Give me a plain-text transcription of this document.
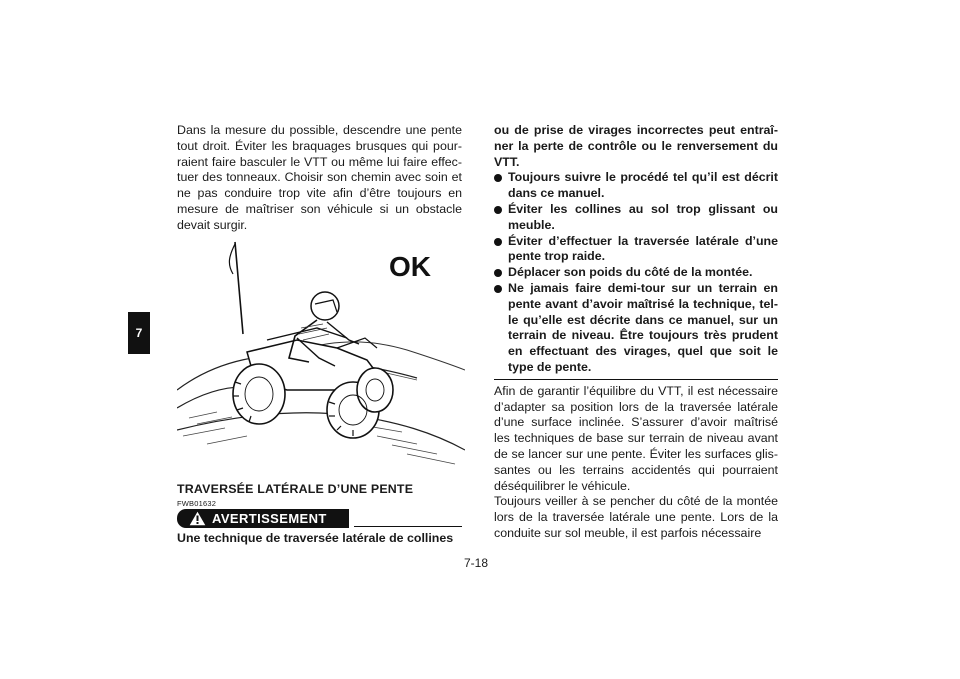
7

Dans la mesure du possible, descendre une pente tout droit. Éviter les braquages brusques qui pour-raient faire basculer le VTT ou même lui faire effec-tuer des tonneaux. Choisir son chemin avec soin et ne pas conduire trop vite afin d’être toujours en mesure de maîtriser son véhicule si un obstacle devait surgir.

OK
TRAVERSÉE LATÉRALE D’UNE PENTE
FWB01632
AVERTISSEMENT
Une technique de traversée latérale de collines

ou de prise de virages incorrectes peut entraî-ner la perte de contrôle ou le renversement du VTT.

Toujours suivre le procédé tel qu’il est décrit dans ce manuel.
Éviter les collines au sol trop glissant ou meuble.
Éviter d’effectuer la traversée latérale d’une pente trop raide.
Déplacer son poids du côté de la montée.
Ne jamais faire demi-tour sur un terrain en pente avant d’avoir maîtrisé la technique, tel-le qu’elle est décrite dans ce manuel, sur un terrain de niveau. Être toujours très prudent en effectuant des virages, quel que soit le type de pente.

Afin de garantir l’équilibre du VTT, il est nécessaire d’adapter sa position lors de la traversée latérale d’une surface inclinée. S’assurer d’avoir maîtrisé les techniques de base sur terrain de niveau avant de se lancer sur une pente. Éviter les surfaces glis-santes ou les terrains accidentés qui pourraient déséquilibrer le véhicule.

Toujours veiller à se pencher du côté de la montée lors de la traversée latérale une pente. Lors de la conduite sur sol meuble, il est parfois nécessaire

7-18
